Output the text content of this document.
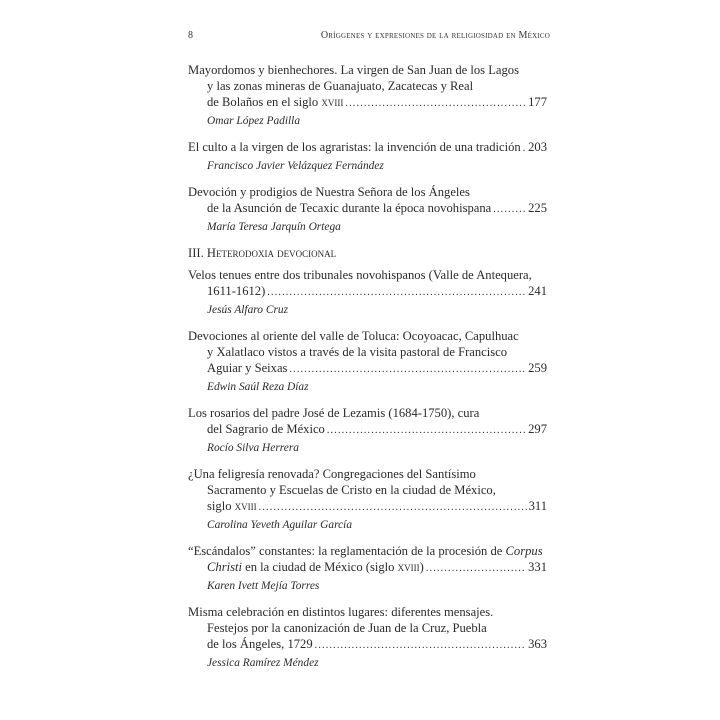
8	Oríggenes y expresiones de la religiosidad en México
Mayordomos y bienhechores. La virgen de San Juan de los Lagos
y las zonas mineras de Guanajuato, Zacatecas y Real
de Bolaños en el siglo xviii .....	177
Omar López Padilla
El culto a la virgen de los agraristas: la invención de una tradición ..... 203
Francisco Javier Velázquez Fernández
Devoción y prodigios de Nuestra Señora de los Ángeles
de la Asunción de Tecaxic durante la época novohispana .....	225
María Teresa Jarquín Ortega
III. Heterodoxia devocional
Velos tenues entre dos tribunales novohispanos (Valle de Antequera,
1611-1612) .....	241
Jesús Alfaro Cruz
Devociones al oriente del valle de Toluca: Ocoyoacac, Capulhuac
y Xalatlaco vistos a través de la visita pastoral de Francisco
Aguiar y Seixas .....	259
Edwin Saúl Reza Díaz
Los rosarios del padre José de Lezamis (1684-1750), cura
del Sagrario de México .....	297
Rocío Silva Herrera
¿Una feligresía renovada? Congregaciones del Santísimo
Sacramento y Escuelas de Cristo en la ciudad de México,
siglo xviii .....	311
Carolina Yeveth Aguilar García
“Escándalos” constantes: la reglamentación de la procesión de Corpus
Christi en la ciudad de México (siglo xviii) .....	331
Karen Ivett Mejía Torres
Misma celebración en distintos lugares: diferentes mensajes.
Festejos por la canonización de Juan de la Cruz, Puebla
de los Ángeles, 1729 .....	363
Jessica Ramírez Méndez
